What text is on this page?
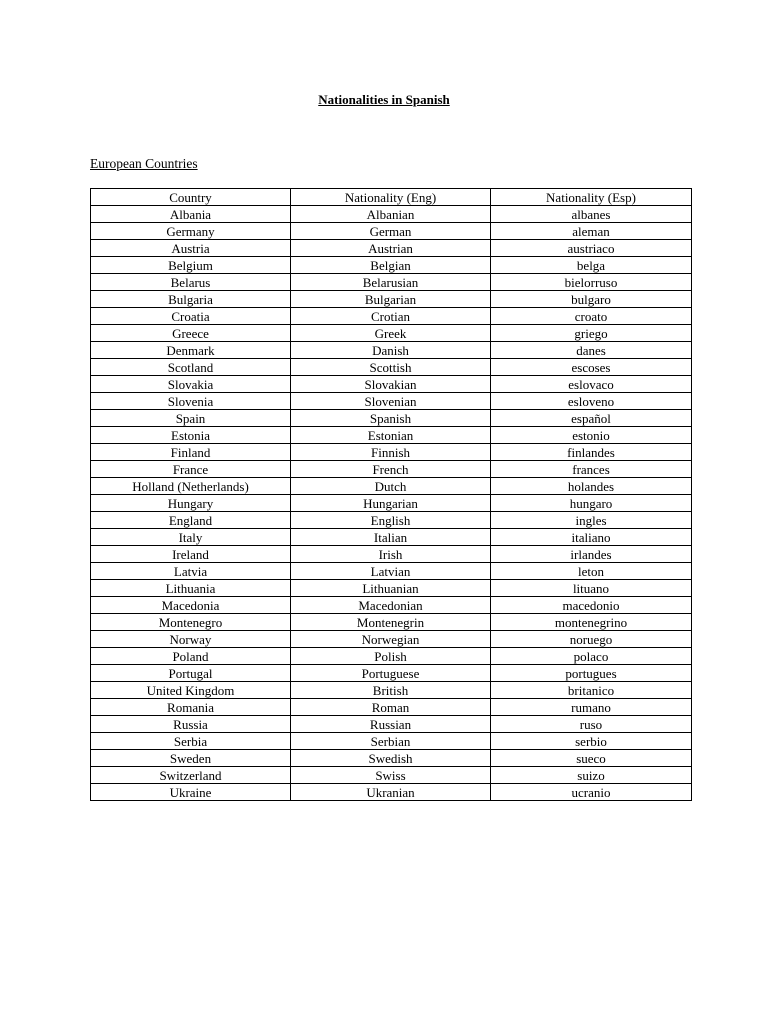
Nationalities in Spanish
European Countries
Country	Nationality (Eng)	Nationality (Esp)
Albania	Albanian	albanes
Germany	German	aleman
Austria	Austrian	austriaco
Belgium	Belgian	belga
Belarus	Belarusian	bielorruso
Bulgaria	Bulgarian	bulgaro
Croatia	Crotian	croato
Greece	Greek	griego
Denmark	Danish	danes
Scotland	Scottish	escoses
Slovakia	Slovakian	eslovaco
Slovenia	Slovenian	esloveno
Spain	Spanish	español
Estonia	Estonian	estonio
Finland	Finnish	finlandes
France	French	frances
Holland (Netherlands)	Dutch	holandes
Hungary	Hungarian	hungaro
England	English	ingles
Italy	Italian	italiano
Ireland	Irish	irlandes
Latvia	Latvian	leton
Lithuania	Lithuanian	lituano
Macedonia	Macedonian	macedonio
Montenegro	Montenegrin	montenegrino
Norway	Norwegian	noruego
Poland	Polish	polaco
Portugal	Portuguese	portugues
United Kingdom	British	britanico
Romania	Roman	rumano
Russia	Russian	ruso
Serbia	Serbian	serbio
Sweden	Swedish	sueco
Switzerland	Swiss	suizo
Ukraine	Ukranian	ucranio
